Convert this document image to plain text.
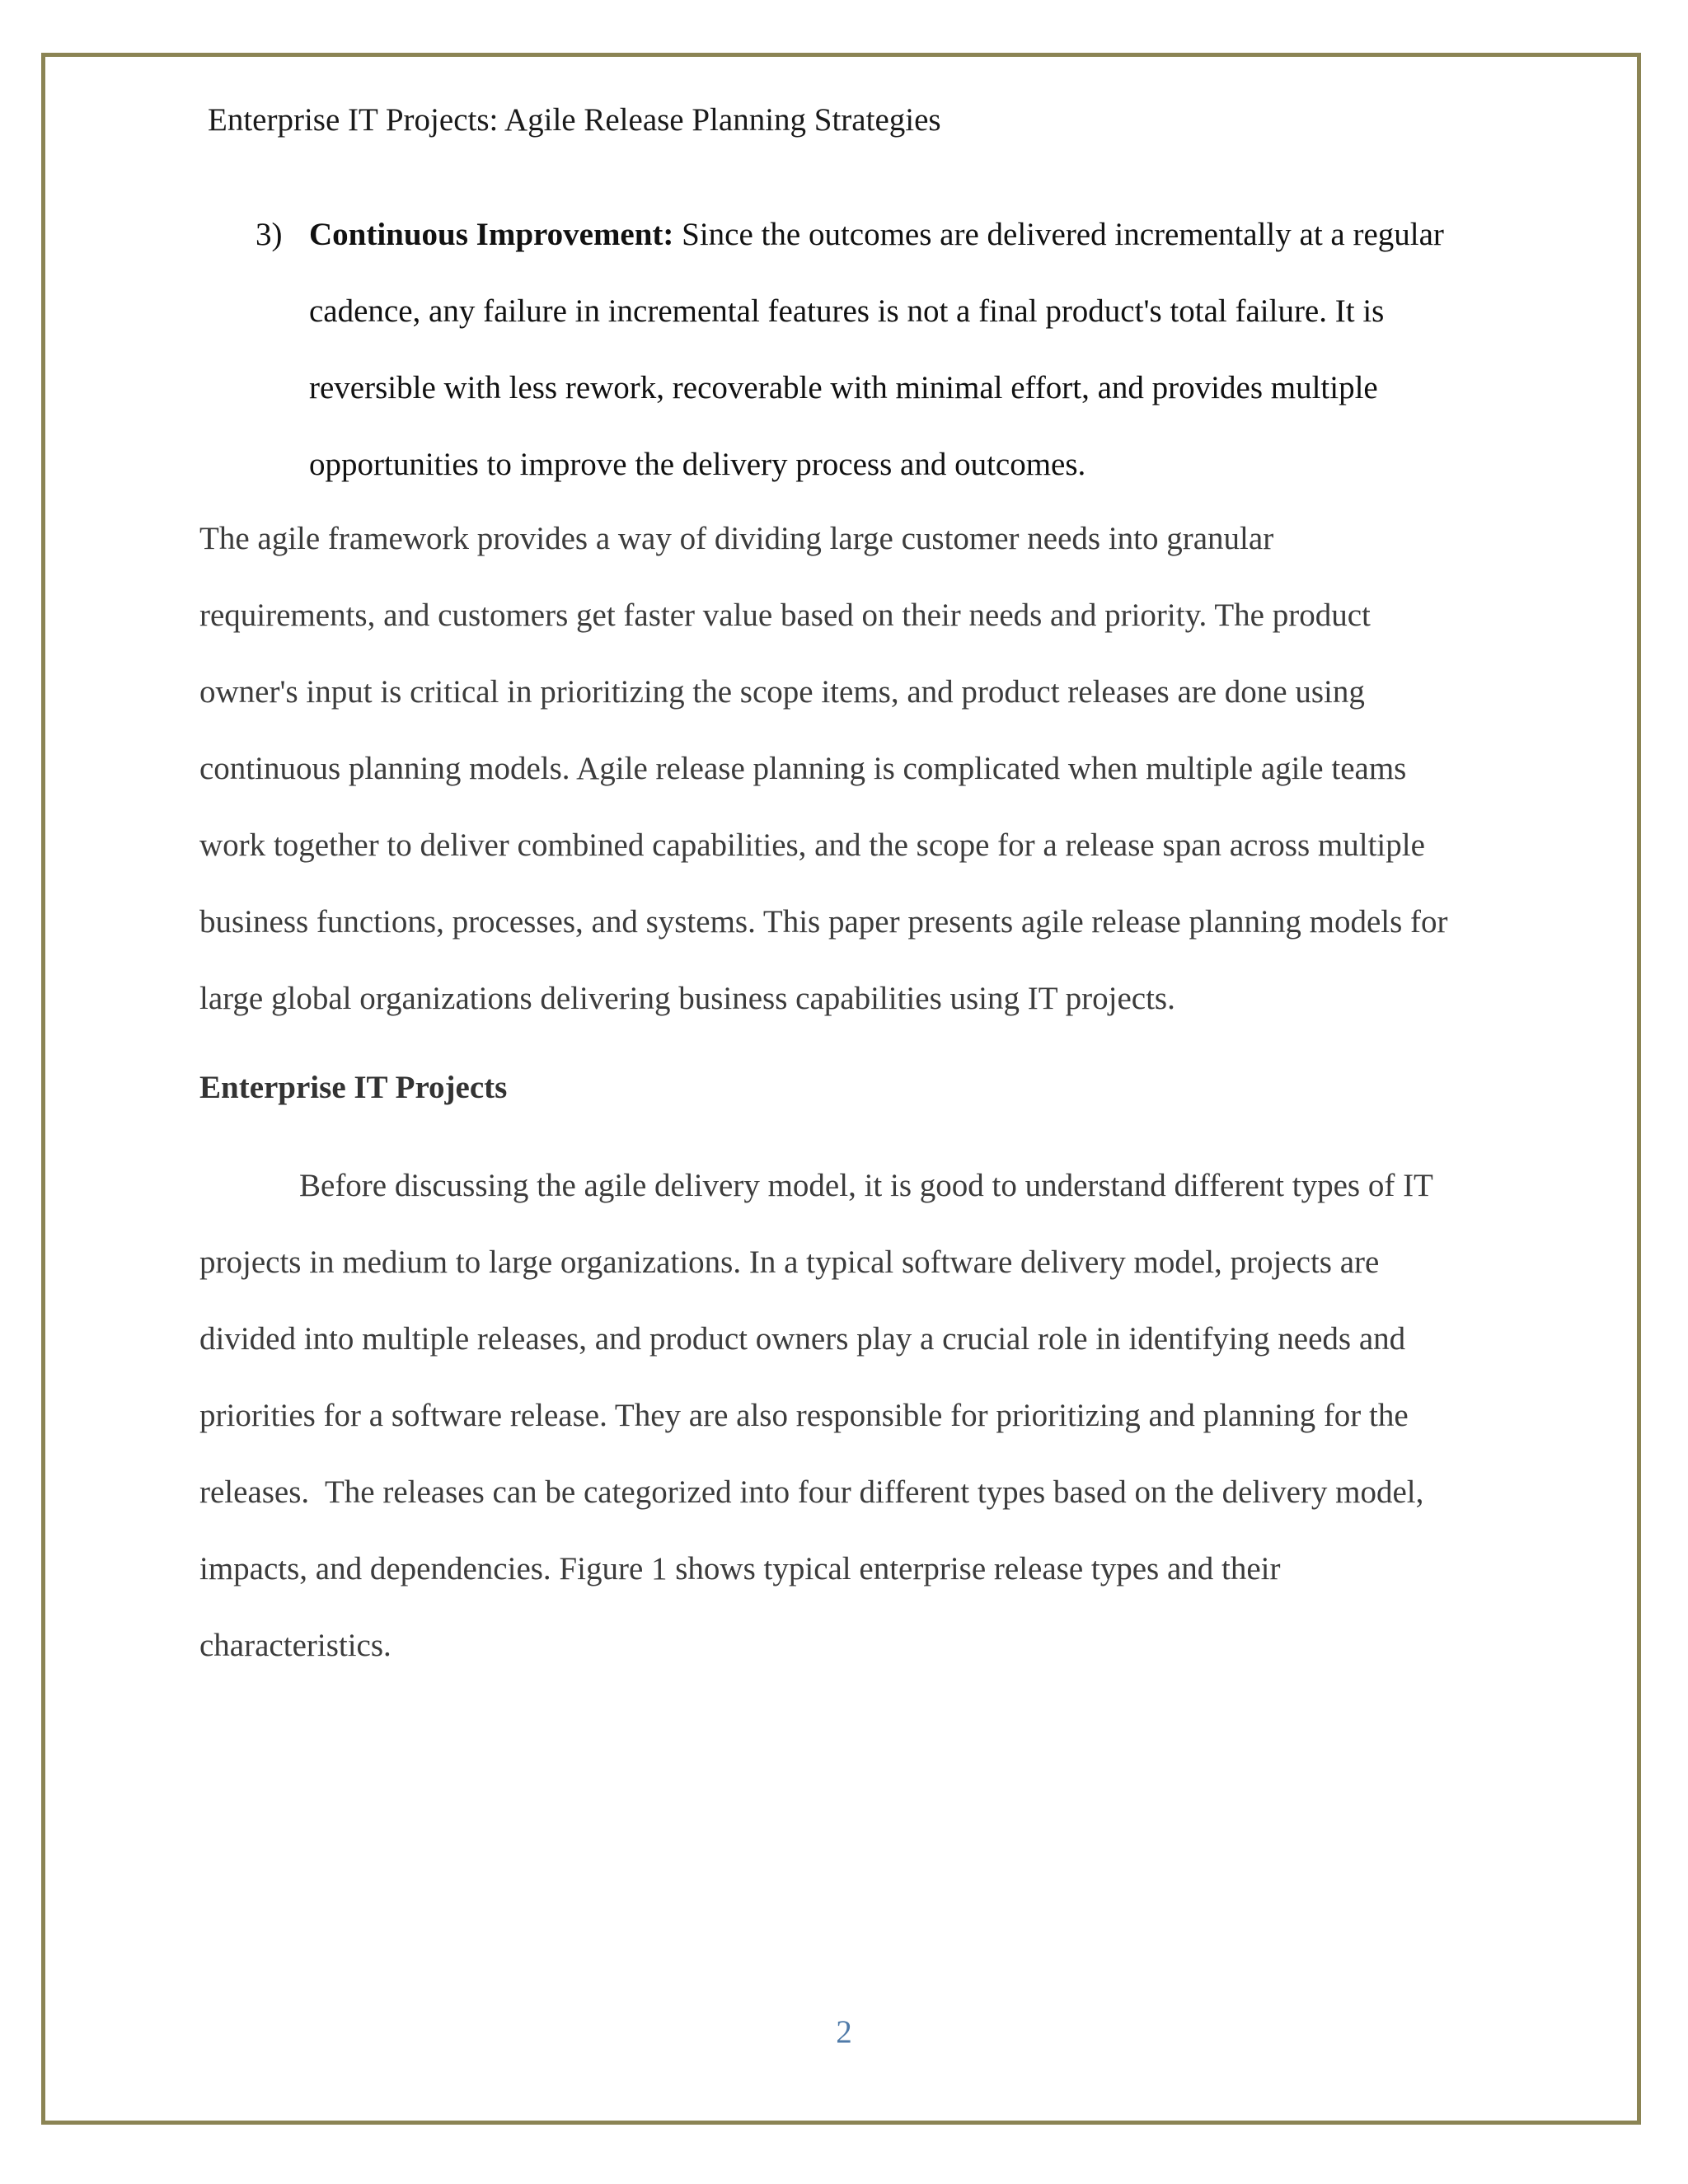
Enterprise IT Projects: Agile Release Planning Strategies
3) Continuous Improvement: Since the outcomes are delivered incrementally at a regular
cadence, any failure in incremental features is not a final product's total failure. It is
reversible with less rework, recoverable with minimal effort, and provides multiple
opportunities to improve the delivery process and outcomes.
The agile framework provides a way of dividing large customer needs into granular
requirements, and customers get faster value based on their needs and priority. The product
owner's input is critical in prioritizing the scope items, and product releases are done using
continuous planning models. Agile release planning is complicated when multiple agile teams
work together to deliver combined capabilities, and the scope for a release span across multiple
business functions, processes, and systems. This paper presents agile release planning models for
large global organizations delivering business capabilities using IT projects.
Enterprise IT Projects
Before discussing the agile delivery model, it is good to understand different types of IT
projects in medium to large organizations. In a typical software delivery model, projects are
divided into multiple releases, and product owners play a crucial role in identifying needs and
priorities for a software release. They are also responsible for prioritizing and planning for the
releases.  The releases can be categorized into four different types based on the delivery model,
impacts, and dependencies. Figure 1 shows typical enterprise release types and their
characteristics.
2
